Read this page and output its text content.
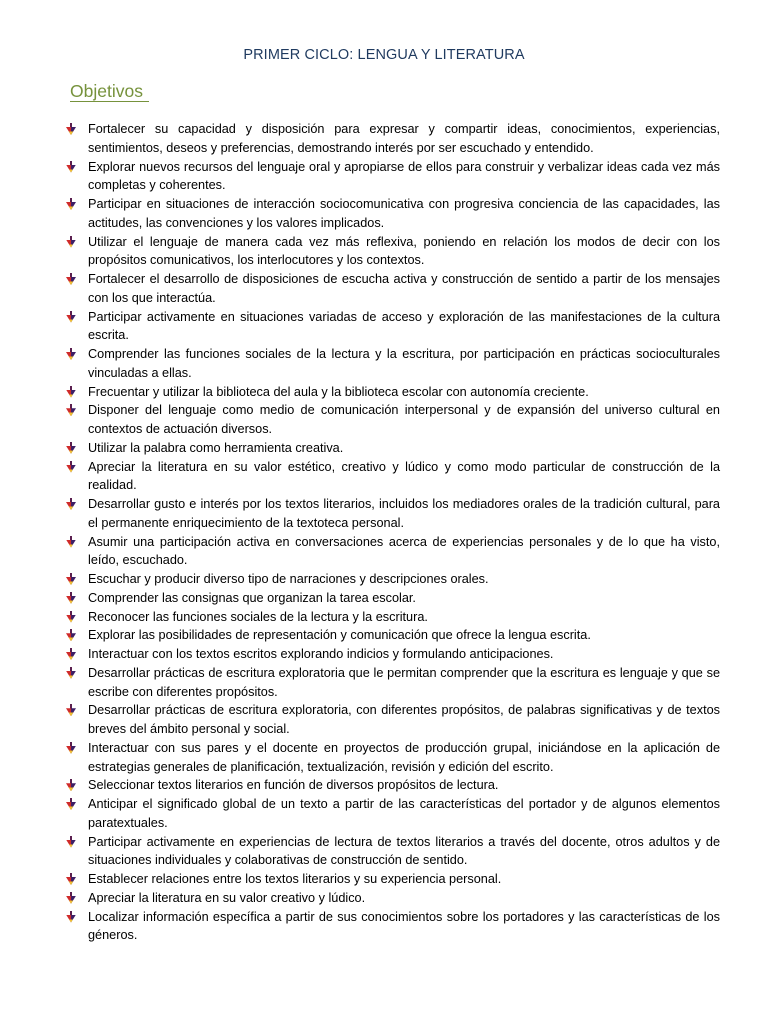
PRIMER CICLO: LENGUA Y LITERATURA
Objetivos
Fortalecer su capacidad y disposición para expresar y compartir ideas, conocimientos, experiencias, sentimientos, deseos y preferencias, demostrando interés por ser escuchado y entendido.
Explorar nuevos recursos del lenguaje oral y apropiarse de ellos para construir y verbalizar ideas cada vez más completas y coherentes.
Participar en situaciones de interacción sociocomunicativa con progresiva conciencia de las capacidades, las actitudes, las convenciones y los valores implicados.
Utilizar el lenguaje de manera cada vez más reflexiva, poniendo en relación los modos de decir con los propósitos comunicativos, los interlocutores y los contextos.
Fortalecer el desarrollo de disposiciones de escucha activa y construcción de sentido a partir de los mensajes con los que interactúa.
Participar activamente en situaciones variadas de acceso y exploración de las manifestaciones de la cultura escrita.
Comprender las funciones sociales de la lectura y la escritura, por participación en prácticas socioculturales vinculadas a ellas.
Frecuentar y utilizar la biblioteca del aula y la biblioteca escolar con autonomía creciente.
Disponer del lenguaje como medio de comunicación interpersonal y de expansión del universo cultural en contextos de actuación diversos.
Utilizar la palabra como herramienta creativa.
Apreciar la literatura en su valor estético, creativo y lúdico y como modo particular de construcción de la realidad.
Desarrollar gusto e interés por los textos literarios, incluidos los mediadores orales de la tradición cultural, para el permanente enriquecimiento de la textoteca personal.
Asumir una participación activa en conversaciones acerca de experiencias personales y de lo que ha visto, leído, escuchado.
Escuchar y producir diverso tipo de narraciones y descripciones orales.
Comprender las consignas que organizan la tarea escolar.
Reconocer las funciones sociales de la lectura y la escritura.
Explorar las posibilidades de representación y comunicación que ofrece la lengua escrita.
Interactuar con los textos escritos explorando indicios y formulando anticipaciones.
Desarrollar prácticas de escritura exploratoria que le permitan comprender que la escritura es lenguaje y que se escribe con diferentes propósitos.
Desarrollar prácticas de escritura exploratoria, con diferentes propósitos, de palabras significativas y de textos breves del ámbito personal y social.
Interactuar con sus pares y el docente en proyectos de producción grupal, iniciándose en la aplicación de estrategias generales de planificación, textualización, revisión y edición del escrito.
Seleccionar textos literarios en función de diversos propósitos de lectura.
Anticipar el significado global de un texto a partir de las características del portador y de algunos elementos paratextuales.
Participar activamente en experiencias de lectura de textos literarios a través del docente, otros adultos y de situaciones individuales y colaborativas de construcción de sentido.
Establecer relaciones entre los textos literarios y su experiencia personal.
Apreciar la literatura en su valor creativo y lúdico.
Localizar información específica a partir de sus conocimientos sobre los portadores y las características de los géneros.
